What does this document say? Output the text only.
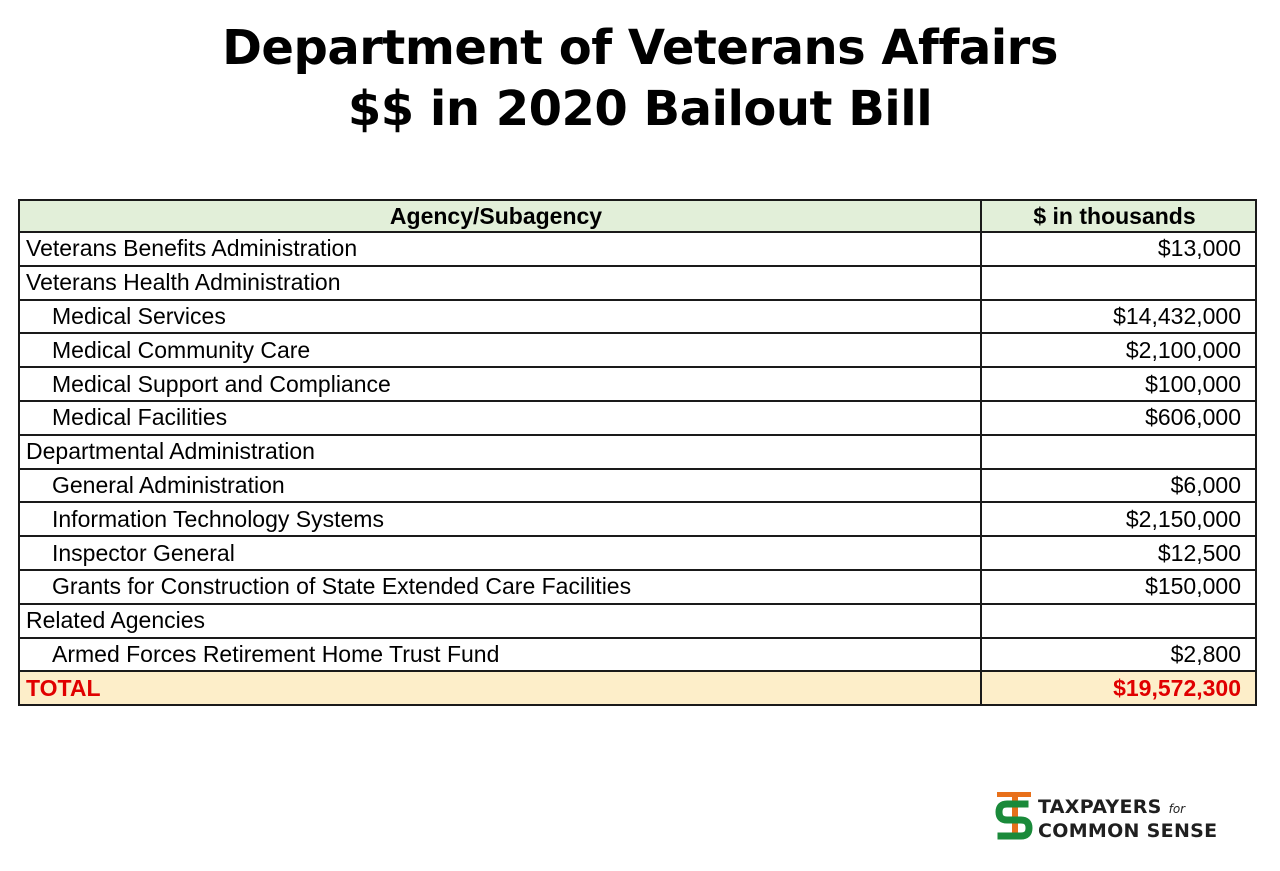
Department of Veterans Affairs
$$ in 2020 Bailout Bill
Agency/Subagency	$ in thousands
Veterans Benefits Administration	$13,000
Veterans Health Administration	
Medical Services	$14,432,000
Medical Community Care	$2,100,000
Medical Support and Compliance	$100,000
Medical Facilities	$606,000
Departmental Administration	
General Administration	$6,000
Information Technology Systems	$2,150,000
Inspector General	$12,500
Grants for Construction of State Extended Care Facilities	$150,000
Related Agencies	
Armed Forces Retirement Home Trust Fund	$2,800
TOTAL	$19,572,300
TAXPAYERS for
COMMON SENSE
